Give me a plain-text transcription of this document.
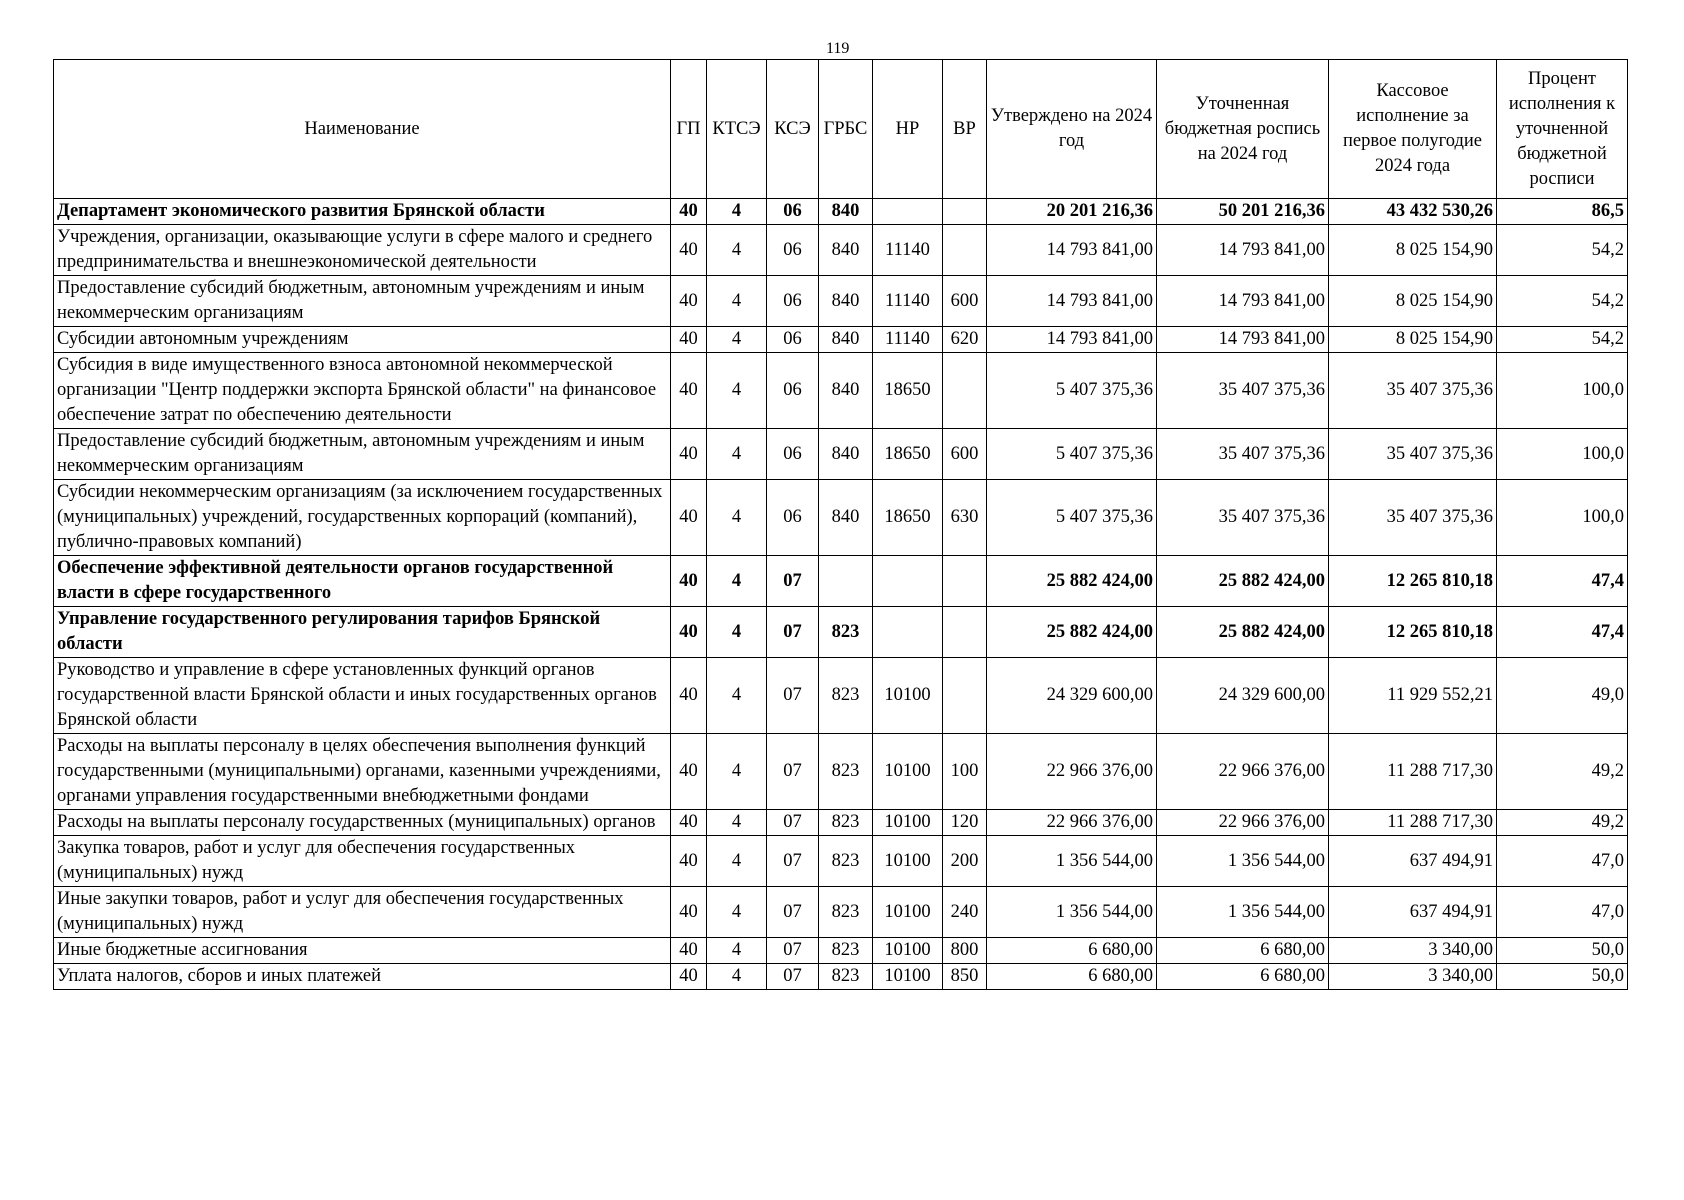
119
Наименование	ГП	КТСЭ	КСЭ	ГРБС	НР	ВР	Утверждено на 2024 год	Уточненная бюджетная роспись на 2024 год	Кассовое исполнение за первое полугодие 2024 года	Процент исполнения к уточненной бюджетной росписи
Департамент экономического развития Брянской области	40	4	06	840			20 201 216,36	50 201 216,36	43 432 530,26	86,5
Учреждения, организации, оказывающие услуги в сфере малого и среднего предпринимательства и внешнеэкономической деятельности	40	4	06	840	11140		14 793 841,00	14 793 841,00	8 025 154,90	54,2
Предоставление субсидий бюджетным, автономным учреждениям и иным некоммерческим организациям	40	4	06	840	11140	600	14 793 841,00	14 793 841,00	8 025 154,90	54,2
Субсидии автономным учреждениям	40	4	06	840	11140	620	14 793 841,00	14 793 841,00	8 025 154,90	54,2
Субсидия в виде имущественного взноса автономной некоммерческой организации "Центр поддержки экспорта Брянской области" на финансовое обеспечение затрат по обеспечению деятельности	40	4	06	840	18650		5 407 375,36	35 407 375,36	35 407 375,36	100,0
Предоставление субсидий бюджетным, автономным учреждениям и иным некоммерческим организациям	40	4	06	840	18650	600	5 407 375,36	35 407 375,36	35 407 375,36	100,0
Субсидии некоммерческим организациям (за исключением государственных (муниципальных) учреждений, государственных корпораций (компаний), публично-правовых компаний)	40	4	06	840	18650	630	5 407 375,36	35 407 375,36	35 407 375,36	100,0
Обеспечение эффективной деятельности органов государственной власти в сфере государственного	40	4	07				25 882 424,00	25 882 424,00	12 265 810,18	47,4
Управление государственного регулирования тарифов Брянской области	40	4	07	823			25 882 424,00	25 882 424,00	12 265 810,18	47,4
Руководство и управление в сфере установленных функций органов государственной власти Брянской области и иных государственных органов Брянской области	40	4	07	823	10100		24 329 600,00	24 329 600,00	11 929 552,21	49,0
Расходы на выплаты персоналу в целях обеспечения выполнения функций государственными (муниципальными) органами, казенными учреждениями, органами управления государственными внебюджетными фондами	40	4	07	823	10100	100	22 966 376,00	22 966 376,00	11 288 717,30	49,2
Расходы на выплаты персоналу государственных (муниципальных) органов	40	4	07	823	10100	120	22 966 376,00	22 966 376,00	11 288 717,30	49,2
Закупка товаров, работ и услуг для обеспечения государственных (муниципальных) нужд	40	4	07	823	10100	200	1 356 544,00	1 356 544,00	637 494,91	47,0
Иные закупки товаров, работ и услуг для обеспечения государственных (муниципальных) нужд	40	4	07	823	10100	240	1 356 544,00	1 356 544,00	637 494,91	47,0
Иные бюджетные ассигнования	40	4	07	823	10100	800	6 680,00	6 680,00	3 340,00	50,0
Уплата налогов, сборов и иных платежей	40	4	07	823	10100	850	6 680,00	6 680,00	3 340,00	50,0
